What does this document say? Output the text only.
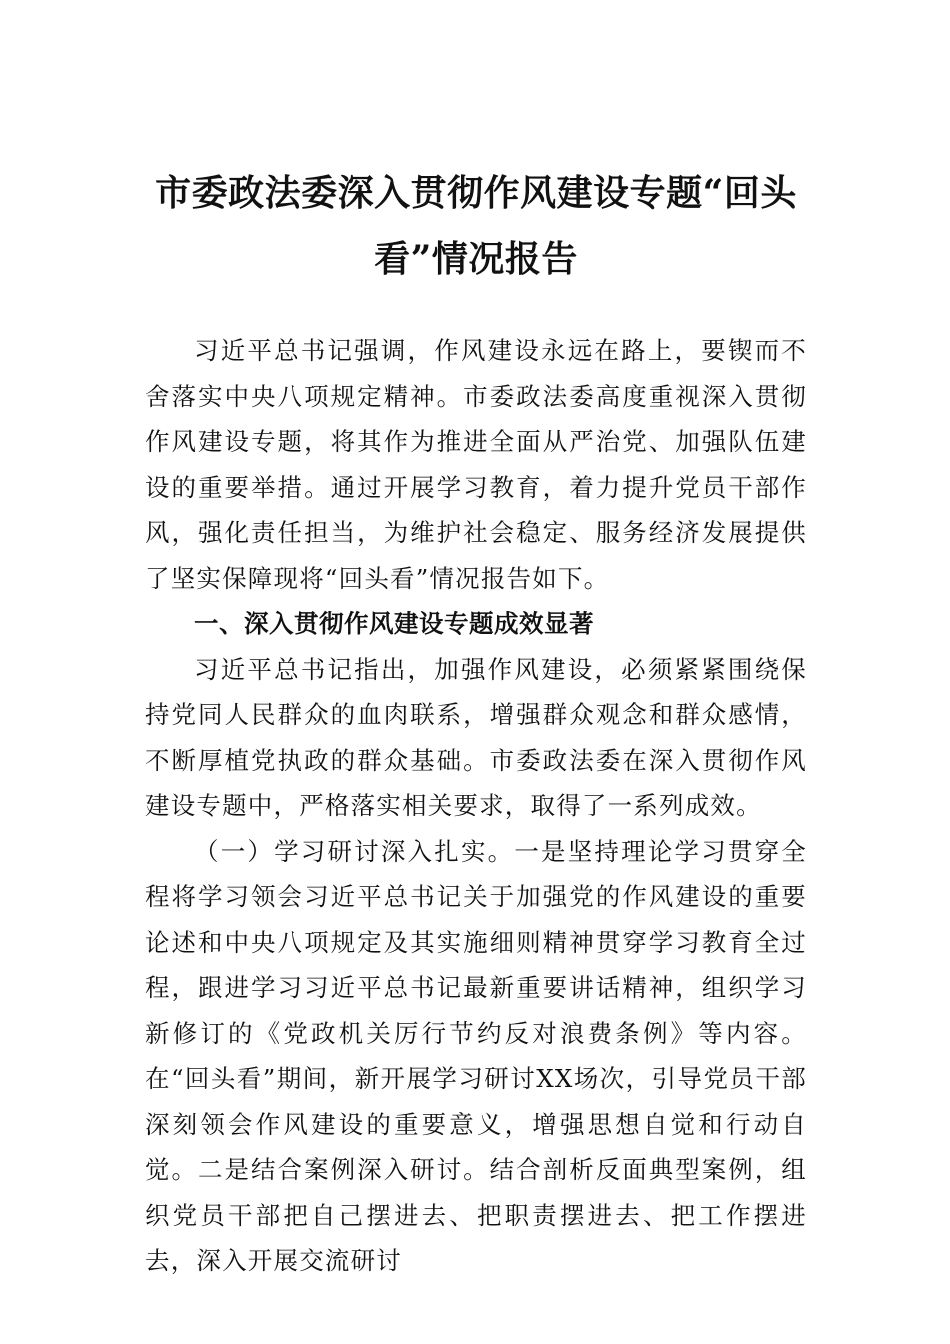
市委政法委深入贯彻作风建设专题“回头看”情况报告

习近平总书记强调，作风建设永远在路上，要锲而不舍落实中央八项规定精神。市委政法委高度重视深入贯彻作风建设专题，将其作为推进全面从严治党、加强队伍建设的重要举措。通过开展学习教育，着力提升党员干部作风，强化责任担当，为维护社会稳定、服务经济发展提供了坚实保障现将“回头看”情况报告如下。

一、深入贯彻作风建设专题成效显著

习近平总书记指出，加强作风建设，必须紧紧围绕保持党同人民群众的血肉联系，增强群众观念和群众感情，不断厚植党执政的群众基础。市委政法委在深入贯彻作风建设专题中，严格落实相关要求，取得了一系列成效。

（一）学习研讨深入扎实。一是坚持理论学习贯穿全程将学习领会习近平总书记关于加强党的作风建设的重要论述和中央八项规定及其实施细则精神贯穿学习教育全过程，跟进学习习近平总书记最新重要讲话精神，组织学习新修订的《党政机关厉行节约反对浪费条例》等内容。在“回头看”期间，新开展学习研讨XX场次，引导党员干部深刻领会作风建设的重要意义，增强思想自觉和行动自觉。二是结合案例深入研讨。结合剖析反面典型案例，组织党员干部把自己摆进去、把职责摆进去、把工作摆进去，深入开展交流研讨
